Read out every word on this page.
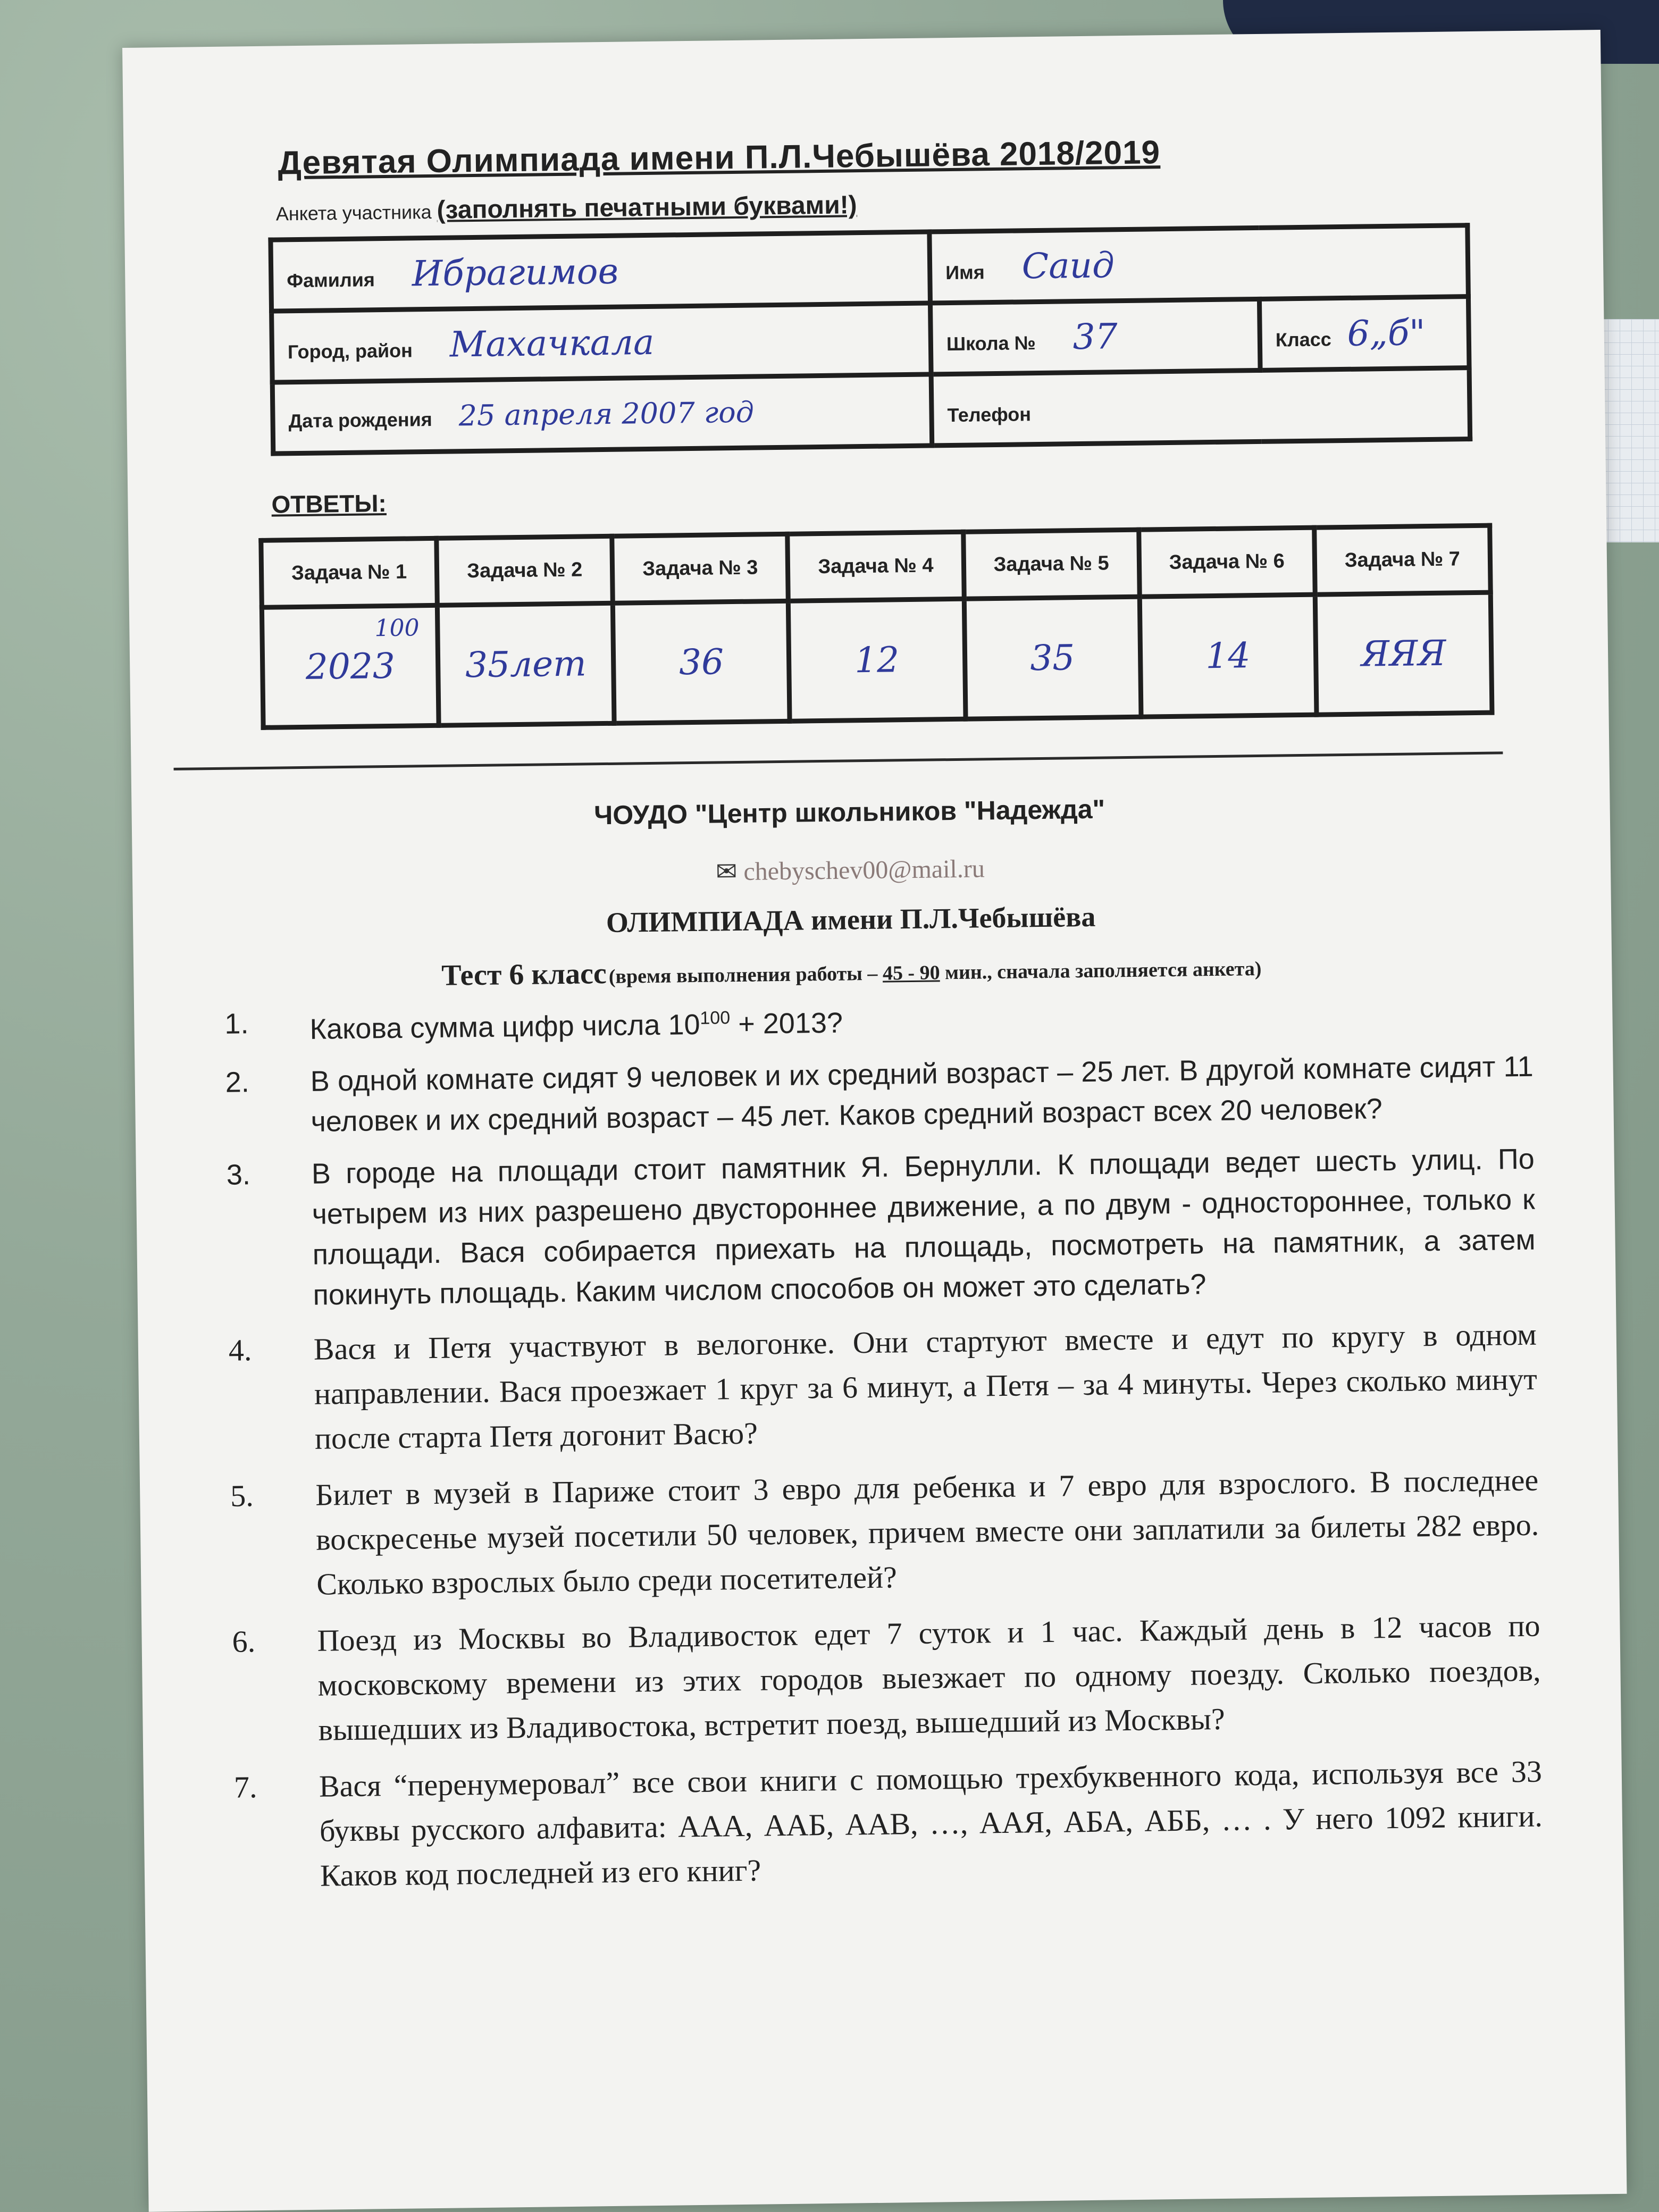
Девятая Олимпиада имени П.Л.Чебышёва 2018/2019
Анкета участника (заполнять печатными буквами!)
Фамилия Ибрагимов	Имя Саид	
Город, район Махачкала	Школа № 37	Класс 6„б"
Дата рождения 25 апреля 2007 год	Телефон	
ОТВЕТЫ:
Задача № 1	Задача № 2	Задача № 3	Задача № 4	Задача № 5	Задача № 6	Задача № 7

100
2023	35лет	36	12	35	14	ЯЯЯ
ЧОУДО "Центр школьников "Надежда"
✉ chebyschev00@mail.ru
ОЛИМПИАДА имени П.Л.Чебышёва
Тест 6 класс (время выполнения работы – 45 - 90 мин., сначала заполняется анкета)
1.	Какова сумма цифр числа $10^{100} + 2013$?
2.	В одной комнате сидят 9 человек и их средний возраст – 25 лет. В другой комнате сидят 11 человек и их средний возраст – 45 лет. Каков средний возраст всех 20 человек?
3.	В городе на площади стоит памятник Я. Бернулли. К площади ведет шесть улиц. По четырем из них разрешено двустороннее движение, а по двум - одностороннее, только к площади. Вася собирается приехать на площадь, посмотреть на памятник, а затем покинуть площадь. Каким числом способов он может это сделать?
4.	Вася и Петя участвуют в велогонке. Они стартуют вместе и едут по кругу в одном направлении. Вася проезжает 1 круг за 6 минут, а Петя – за 4 минуты. Через сколько минут после старта Петя догонит Васю?
5.	Билет в музей в Париже стоит 3 евро для ребенка и 7 евро для взрослого. В последнее воскресенье музей посетили 50 человек, причем вместе они заплатили за билеты 282 евро. Сколько взрослых было среди посетителей?
6.	Поезд из Москвы во Владивосток едет 7 суток и 1 час. Каждый день в 12 часов по московскому времени из этих городов выезжает по одному поезду. Сколько поездов, вышедших из Владивостока, встретит поезд, вышедший из Москвы?
7.	Вася “перенумеровал” все свои книги с помощью трехбуквенного кода, используя все 33 буквы русского алфавита: ААА, ААБ, ААВ, …, ААЯ, АБА, АББ, … . У него 1092 книги. Каков код последней из его книг?
